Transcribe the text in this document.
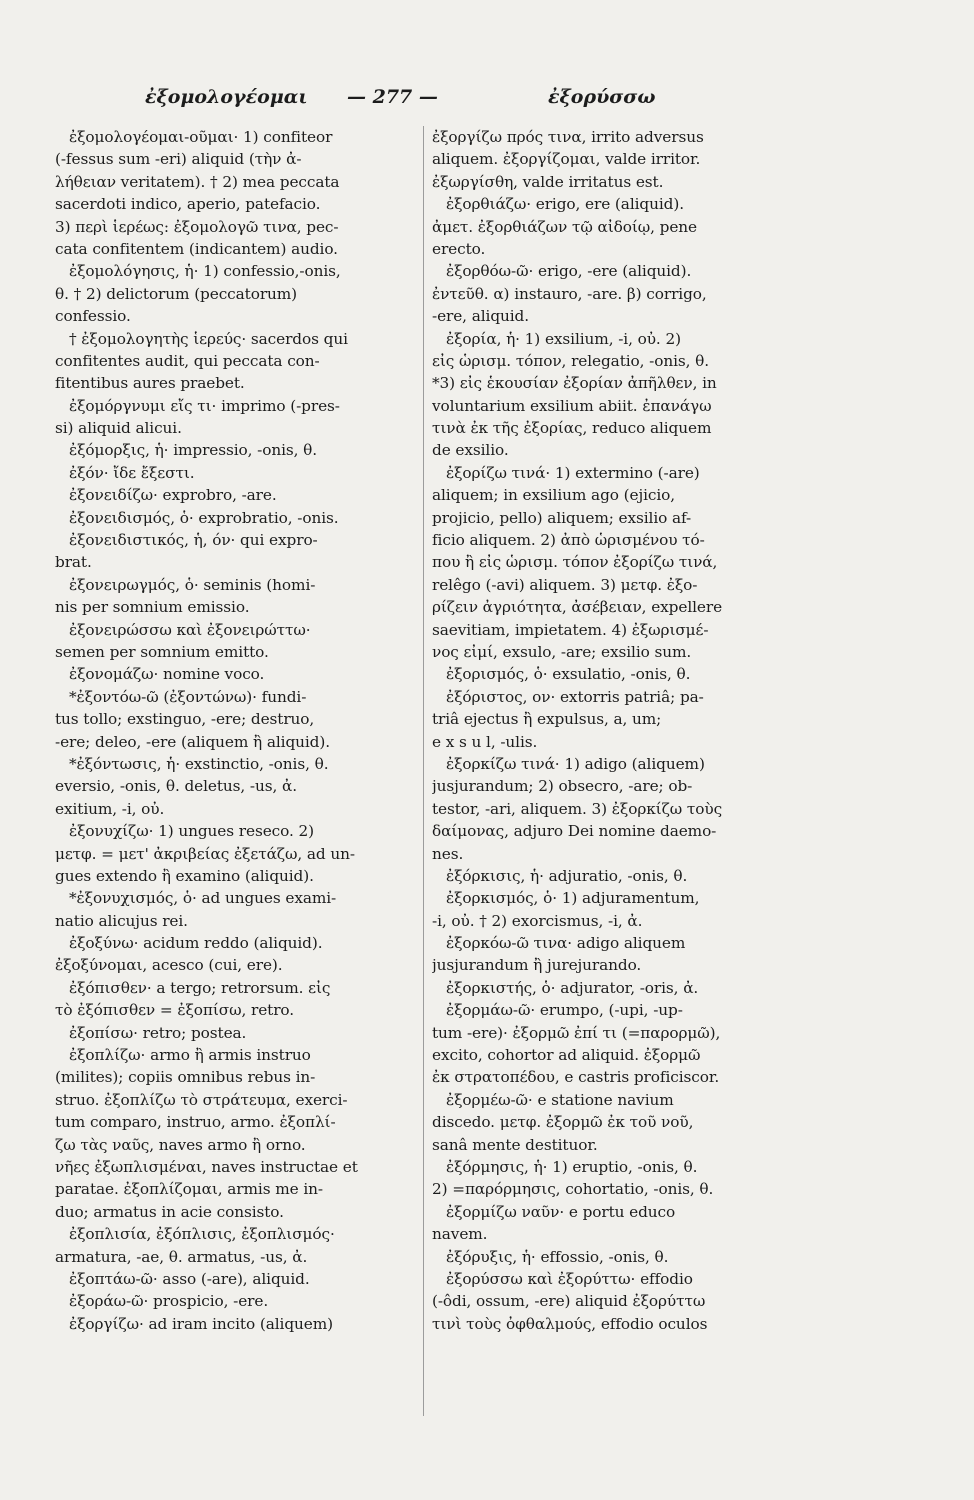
ἐξομολογέομαι — 277 —	ἐξορύσσω
ἐξομολογέομαι-οῦμαι· 1) confiteor
(-fessus sum -eri) aliquid (τὴν ἀ-
λήθειαν veritatem). † 2) mea peccata
sacerdoti indico, aperio, patefacio.
3) περὶ ἱερέως: ἐξομολογῶ τινα, pec-
cata confitentem (indicantem) audio.
ἐξομολόγησις, ἡ· 1) confessio,-onis,
θ. † 2) delictorum (peccatorum)
confessio.
† ἐξομολογητὴς ἱερεύς· sacerdos qui
confitentes audit, qui peccata con-
fitentibus aures praebet.
ἐξομόργνυμι εἴς τι· imprimo (-pres-
si) aliquid alicui.
ἐξόμορξις, ἡ· impressio, -onis, θ.
ἐξόν· ἴδε ἔξεστι.
ἐξονειδίζω· exprobro, -are.
ἐξονειδισμός, ὁ· exprobratio, -onis.
ἐξονειδιστικός, ἡ, όν· qui expro-
brat.
ἐξονειρωγμός, ὁ· seminis (homi-
nis per somnium emissio.
ἐξονειρώσσω καὶ ἐξονειρώττω·
semen per somnium emitto.
ἐξονομάζω· nomine voco.
*ἐξοντόω-ῶ (ἐξοντώνω)· fundi-
tus tollo; exstinguo, -ere; destruo,
-ere; deleo, -ere (aliquem ἢ aliquid).
*ἐξόντωσις, ἡ· exstinctio, -onis, θ.
eversio, -onis, θ. deletus, -us, ἀ.
exitium, -i, οὐ.
ἐξονυχίζω· 1) ungues reseco. 2)
μετφ. = μετ' ἀκριβείας ἐξετάζω, ad un-
gues extendo ἢ examino (aliquid).
*ἐξονυχισμός, ὁ· ad ungues exami-
natio alicujus rei.
ἐξοξύνω· acidum reddo (aliquid).
ἐξοξύνομαι, acesco (cui, ere).
ἐξόπισθεν· a tergo; retrorsum. εἰς
τὸ ἐξόπισθεν = ἐξοπίσω, retro.
ἐξοπίσω· retro; postea.
ἐξοπλίζω· armo ἢ armis instruo
(milites); copiis omnibus rebus in-
struo. ἐξοπλίζω τὸ στράτευμα, exerci-
tum comparo, instruo, armo. ἐξοπλί-
ζω τὰς ναῦς, naves armo ἢ orno.
νῆες ἐξωπλισμέναι, naves instructae et
paratae. ἐξοπλίζομαι, armis me in-
duo; armatus in acie consisto.
ἐξοπλισία, ἐξόπλισις, ἐξοπλισμός·
armatura, -ae, θ. armatus, -us, ἀ.
ἐξοπτάω-ῶ· asso (-are), aliquid.
ἐξοράω-ῶ· prospicio, -ere.
ἐξοργίζω· ad iram incito (aliquem)
ἐξοργίζω πρός τινα, irrito adversus
aliquem. ἐξοργίζομαι, valde irritor.
ἐξωργίσθη, valde irritatus est.
ἐξορθιάζω· erigo, ere (aliquid).
ἀμετ. ἐξορθιάζων τῷ αἰδοίῳ, pene
erecto.
ἐξορθόω-ῶ· erigo, -ere (aliquid).
ἐντεῦθ. α) instauro, -are. β) corrigo,
-ere, aliquid.
ἐξορία, ἡ· 1) exsilium, -i, οὐ. 2)
εἰς ὡρισμ. τόπον, relegatio, -onis, θ.
*3) εἰς ἑκουσίαν ἐξορίαν ἀπῆλθεν, in
voluntarium exsilium abiit. ἐπανάγω
τινὰ ἐκ τῆς ἐξορίας, reduco aliquem
de exsilio.
ἐξορίζω τινά· 1) extermino (-are)
aliquem; in exsilium ago (ejicio,
projicio, pello) aliquem; exsilio af-
ficio aliquem. 2) ἀπὸ ὡρισμένου τό-
που ἢ εἰς ὡρισμ. τόπον ἐξορίζω τινά,
relêgo (-avi) aliquem. 3) μετφ. ἐξο-
ρίζειν ἀγριότητα, ἀσέβειαν, expellere
saevitiam, impietatem. 4) ἐξωρισμέ-
νος εἰμί, exsulo, -are; exsilio sum.
ἐξορισμός, ὁ· exsulatio, -onis, θ.
ἐξόριστος, ον· extorris patriâ; pa-
triâ ejectus ἢ expulsus, a, um;
e x s u l, -ulis.
ἐξορκίζω τινά· 1) adigo (aliquem)
jusjurandum; 2) obsecro, -are; ob-
testor, -ari, aliquem. 3) ἐξορκίζω τοὺς
δαίμονας, adjuro Dei nomine daemo-
nes.
ἐξόρκισις, ἡ· adjuratio, -onis, θ.
ἐξορκισμός, ὁ· 1) adjuramentum,
-i, οὐ. † 2) exorcismus, -i, ἀ.
ἐξορκόω-ῶ τινα· adigo aliquem
jusjurandum ἢ jurejurando.
ἐξορκιστής, ὁ· adjurator, -oris, ἀ.
ἐξορμάω-ῶ· erumpo, (-upi, -up-
tum -ere)· ἐξορμῶ ἐπί τι (=παρορμῶ),
excito, cohortor ad aliquid. ἐξορμῶ
ἐκ στρατοπέδου, e castris proficiscor.
ἐξορμέω-ῶ· e statione navium
discedo. μετφ. ἐξορμῶ ἐκ τοῦ νοῦ,
sanâ mente destituor.
ἐξόρμησις, ἡ· 1) eruptio, -onis, θ.
2) =παρόρμησις, cohortatio, -onis, θ.
ἐξορμίζω ναῦν· e portu educo
navem.
ἐξόρυξις, ἡ· effossio, -onis, θ.
ἐξορύσσω καὶ ἐξορύττω· effodio
(-ôdi, ossum, -ere) aliquid ἐξορύττω
τινὶ τοὺς ὀφθαλμούς, effodio oculos
